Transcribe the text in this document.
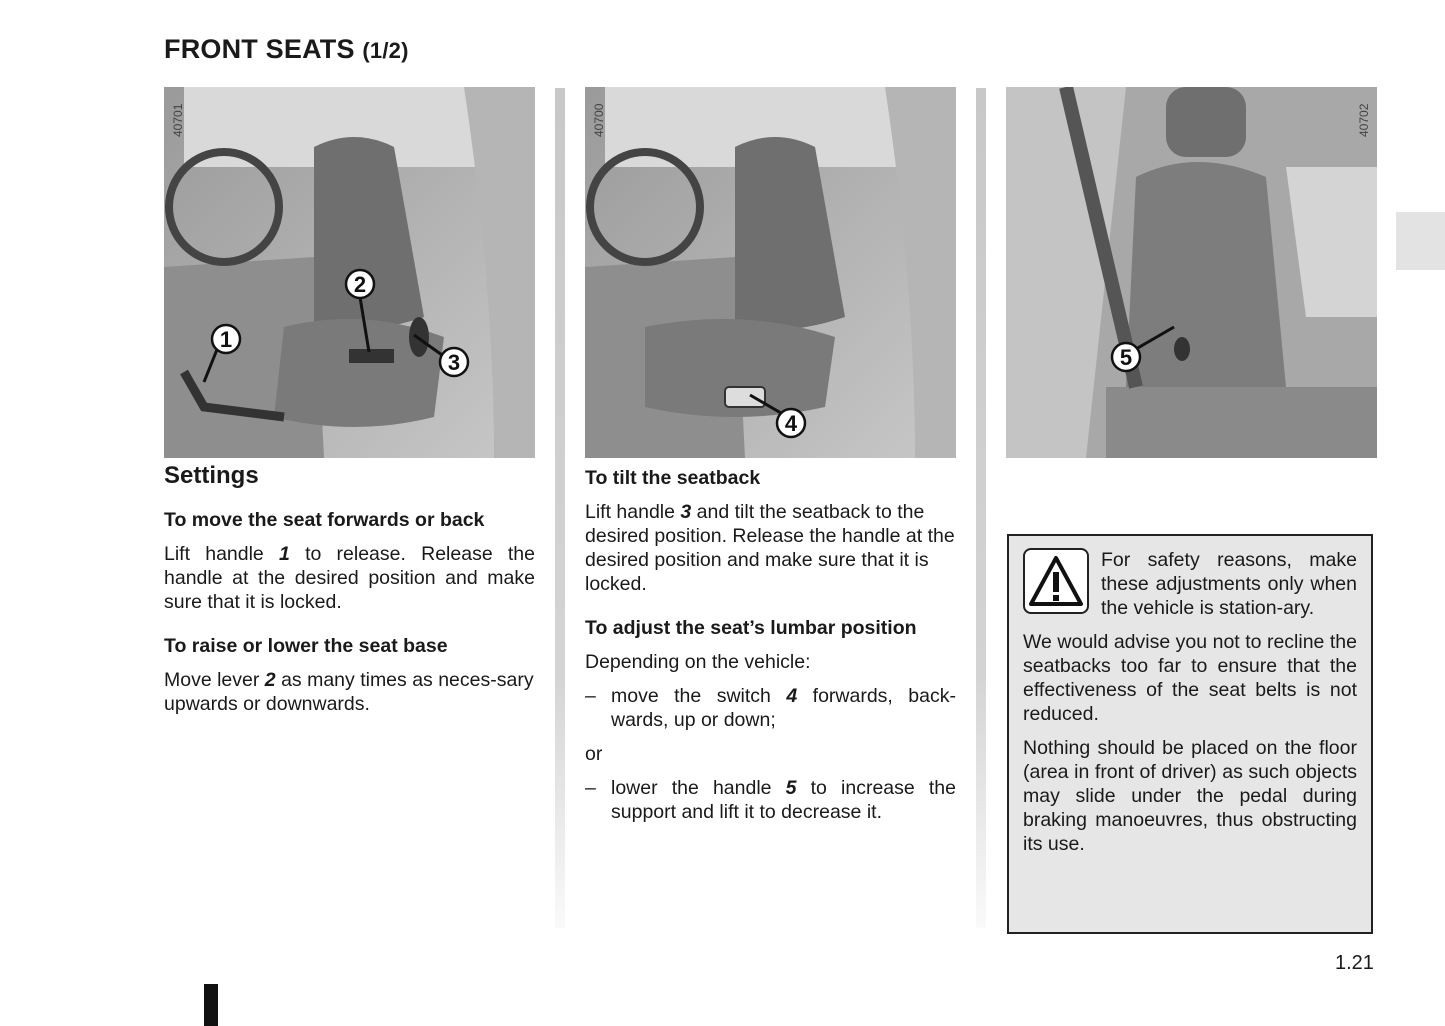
FRONT SEATS (1/2)
40701
1
2
3
40700
4
40702
5

Settings

To move the seat forwards or back

Lift handle 1 to release. Release the handle at the desired position and make sure that it is locked.

To raise or lower the seat base

Move lever 2 as many times as neces-sary upwards or downwards.

To tilt the seatback

Lift handle 3 and tilt the seatback to the desired position. Release the handle at the desired position and make sure that it is locked.

To adjust the seat’s lumbar position

Depending on the vehicle:

– move the switch 4 forwards, back-wards, up or down;

or

– lower the handle 5 to increase the support and lift it to decrease it.

For safety reasons, make these adjustments only when the vehicle is station-ary.

We would advise you not to recline the seatbacks too far to ensure that the effectiveness of the seat belts is not reduced.

Nothing should be placed on the floor (area in front of driver) as such objects may slide under the pedal during braking manoeuvres, thus obstructing its use.

1.21
